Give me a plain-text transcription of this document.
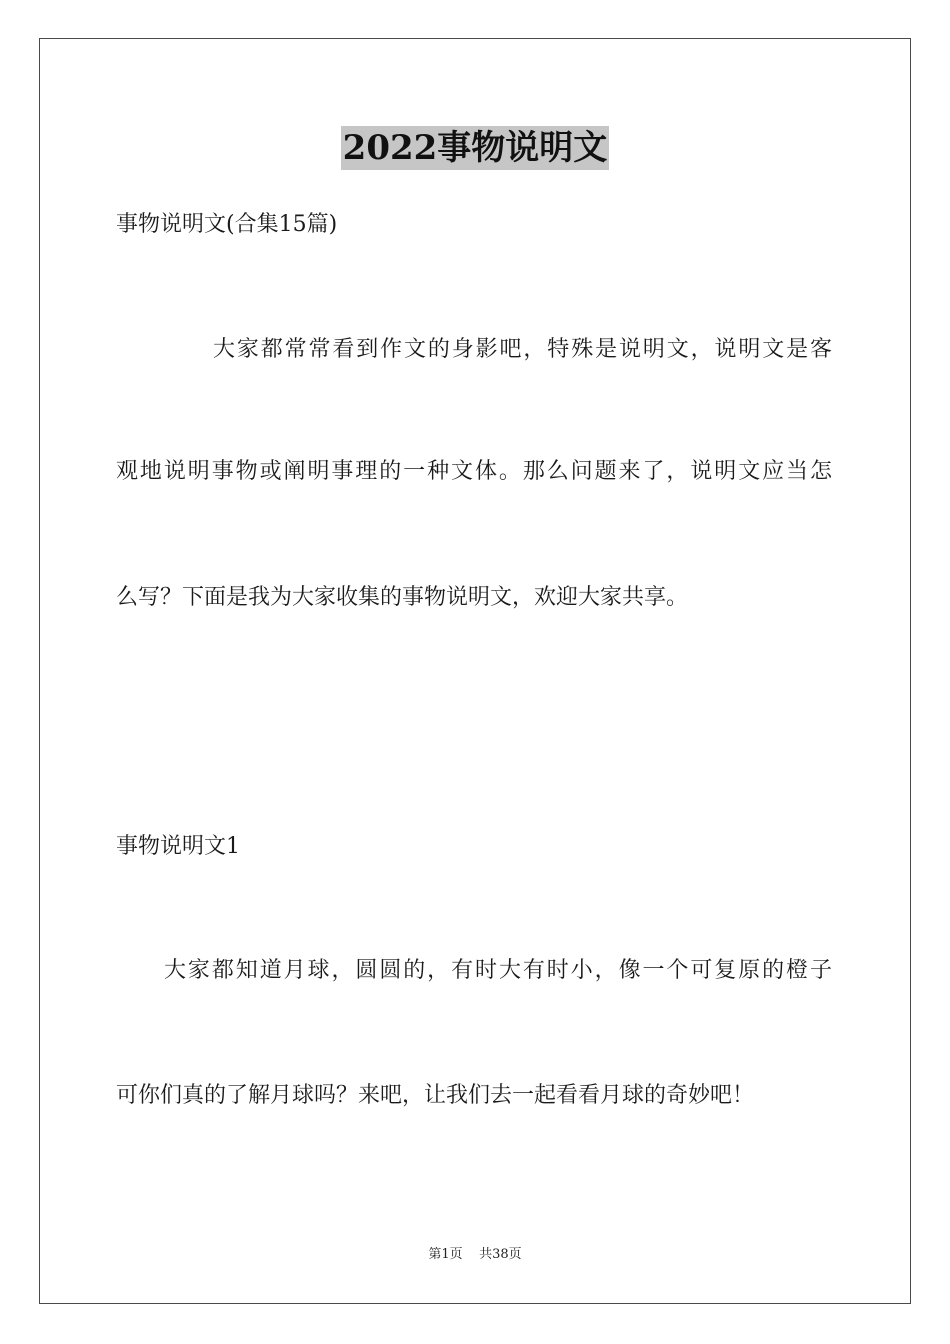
2022事物说明文
事物说明文(合集15篇)
大家都常常看到作文的身影吧，特殊是说明文，说明文是客
观地说明事物或阐明事理的一种文体。那么问题来了，说明文应当怎
么写？下面是我为大家收集的事物说明文，欢迎大家共享。
事物说明文1
大家都知道月球，圆圆的，有时大有时小，像一个可复原的橙子
可你们真的了解月球吗？来吧，让我们去一起看看月球的奇妙吧！
第1页 共38页
